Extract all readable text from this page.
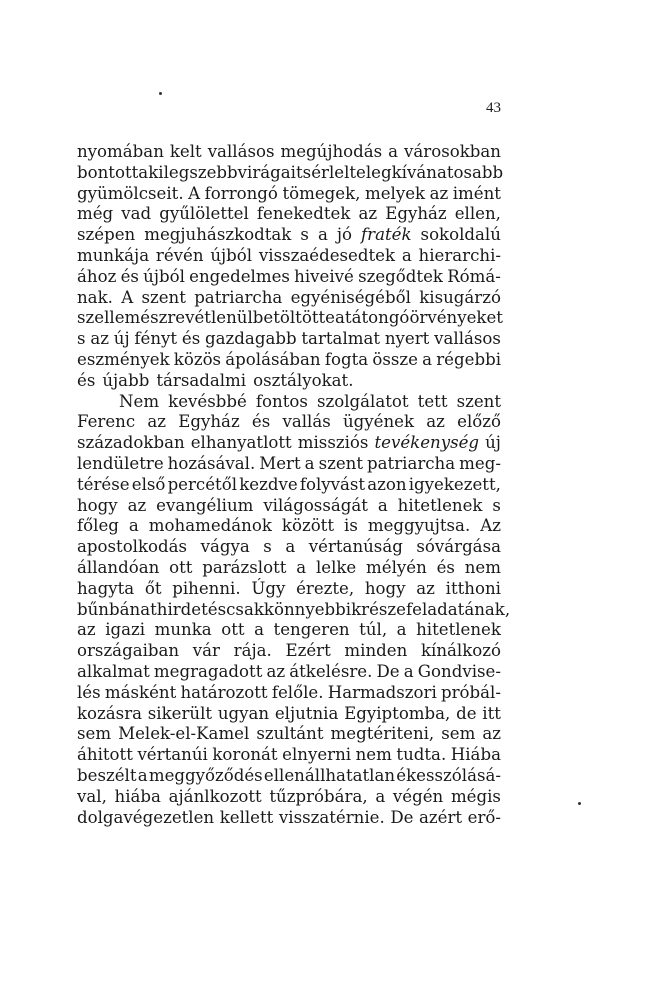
43
nyomában kelt vallásos megújhodás a városokban
bontotta ki legszebb virágait s érlelte legkívánatosabb
gyümölcseit. A forrongó tömegek, melyek az imént
még vad gyűlölettel fenekedtek az Egyház ellen,
szépen megjuhászkodtak s a jó fraték sokoldalú
munkája révén újból visszaédesedtek a hierarchi-
ához és újból engedelmes hiveivé szegődtek Rómá-
nak. A szent patriarcha egyéniségéből kisugárzó
szellem észrevétlenül betöltötte a tátongó örvényeket
s az új fényt és gazdagabb tartalmat nyert vallásos
eszmények közös ápolásában fogta össze a régebbi
és újabb társadalmi osztályokat.
Nem kevésbbé fontos szolgálatot tett szent
Ferenc az Egyház és vallás ügyének az előző
századokban elhanyatlott missziós tevékenység új
lendületre hozásával. Mert a szent patriarcha meg-
térése első percétől kezdve folyvást azon igyekezett,
hogy az evangélium világosságát a hitetlenek s
főleg a mohamedánok között is meggyujtsa. Az
apostolkodás vágya s a vértanúság sóvárgása
állandóan ott parázslott a lelke mélyén és nem
hagyta őt pihenni. Úgy érezte, hogy az itthoni
bűnbánathirdetés csak könnyebbik része feladatának,
az igazi munka ott a tengeren túl, a hitetlenek
országaiban vár rája. Ezért minden kínálkozó
alkalmat megragadott az átkelésre. De a Gondvise-
lés másként határozott felőle. Harmadszori próbál-
kozásra sikerült ugyan eljutnia Egyiptomba, de itt
sem Melek-el-Kamel szultánt megtériteni, sem az
áhitott vértanúi koronát elnyerni nem tudta. Hiába
beszélt a meggyőződés ellenállhatatlan ékesszólásá-
val, hiába ajánlkozott tűzpróbára, a végén mégis
dolgavégezetlen kellett visszatérnie. De azért erő-
